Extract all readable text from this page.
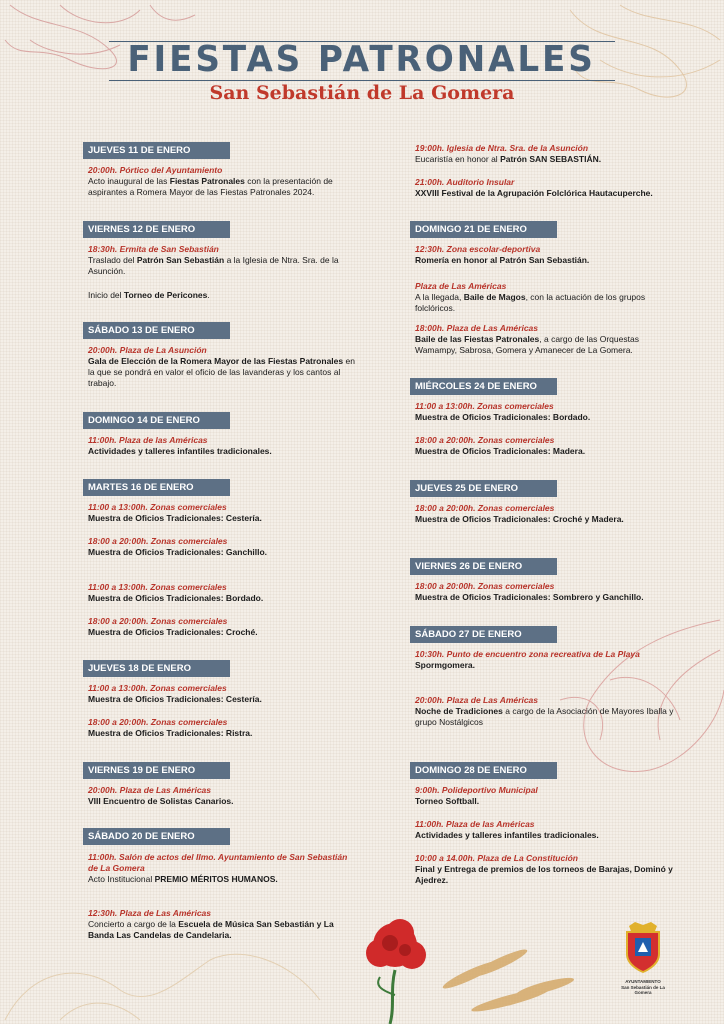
FIESTAS PATRONALES
San Sebastián de La Gomera
JUEVES 11 DE ENERO
20:00h. Pórtico del Ayuntamiento
Acto inaugural de las Fiestas Patronales con la presentación de aspirantes a Romera Mayor de las Fiestas Patronales 2024.
VIERNES 12 DE ENERO
18:30h. Ermita de San Sebastián
Traslado del Patrón San Sebastián a la Iglesia de Ntra. Sra. de la Asunción.
Inicio del Torneo de Pericones.
SÁBADO 13 DE ENERO
20:00h. Plaza de La Asunción
Gala de Elección de la Romera Mayor de las Fiestas Patronales en la que se pondrá en valor el oficio de las lavanderas y los cantos al trabajo.
DOMINGO 14 DE ENERO
11:00h. Plaza de las Américas
Actividades y talleres infantiles tradicionales.
MARTES 16 DE ENERO
11:00 a 13:00h. Zonas comerciales
Muestra de Oficios Tradicionales: Cestería.
18:00 a 20:00h. Zonas comerciales
Muestra de Oficios Tradicionales: Ganchillo.
11:00 a 13:00h. Zonas comerciales
Muestra de Oficios Tradicionales: Bordado.
18:00 a 20:00h. Zonas comerciales
Muestra de Oficios Tradicionales: Croché.
JUEVES 18 DE ENERO
11:00 a 13:00h. Zonas comerciales
Muestra de Oficios Tradicionales: Cestería.
18:00 a 20:00h. Zonas comerciales
Muestra de Oficios Tradicionales: Ristra.
VIERNES 19 DE ENERO
20:00h. Plaza de Las Américas
VIII Encuentro de Solistas Canarios.
SÁBADO 20 DE ENERO
11:00h. Salón de actos del Ilmo. Ayuntamiento de San Sebastián de La Gomera
Acto Institucional PREMIO MÉRITOS HUMANOS.
12:30h. Plaza de Las Américas
Concierto a cargo de la Escuela de Música San Sebastián y La Banda Las Candelas de Candelaria.
19:00h. Iglesia de Ntra. Sra. de la Asunción
Eucaristía en honor al Patrón SAN SEBASTIÁN.
21:00h. Auditorio Insular
XXVIII Festival de la Agrupación Folclórica Hautacuperche.
DOMINGO 21 DE ENERO
12:30h. Zona escolar-deportiva
Romería en honor al Patrón San Sebastián.
Plaza de Las Américas
A la llegada, Baile de Magos, con la actuación de los grupos folclóricos.
18:00h. Plaza de Las Américas
Baile de las Fiestas Patronales, a cargo de las Orquestas Wamampy, Sabrosa, Gomera y Amanecer de La Gomera.
MIÉRCOLES 24 DE ENERO
11:00 a 13:00h. Zonas comerciales
Muestra de Oficios Tradicionales: Bordado.
18:00 a 20:00h. Zonas comerciales
Muestra de Oficios Tradicionales: Madera.
JUEVES 25 DE ENERO
18:00 a 20:00h. Zonas comerciales
Muestra de Oficios Tradicionales: Croché y Madera.
VIERNES 26 DE ENERO
18:00 a 20:00h. Zonas comerciales
Muestra de Oficios Tradicionales: Sombrero y Ganchillo.
SÁBADO 27 DE ENERO
10:30h. Punto de encuentro zona recreativa de La Playa
Spormgomera.
20:00h. Plaza de Las Américas
Noche de Tradiciones a cargo de la Asociación de Mayores Iballa y grupo Nostálgicos
DOMINGO 28 DE ENERO
9:00h. Polideportivo Municipal
Torneo Softball.
11:00h. Plaza de las Américas
Actividades y talleres infantiles tradicionales.
10:00 a 14.00h. Plaza de La Constitución
Final y Entrega de premios de los torneos de Barajas, Dominó y Ajedrez.
AYUNTAMIENTO
San Sebastián de La Gomera
